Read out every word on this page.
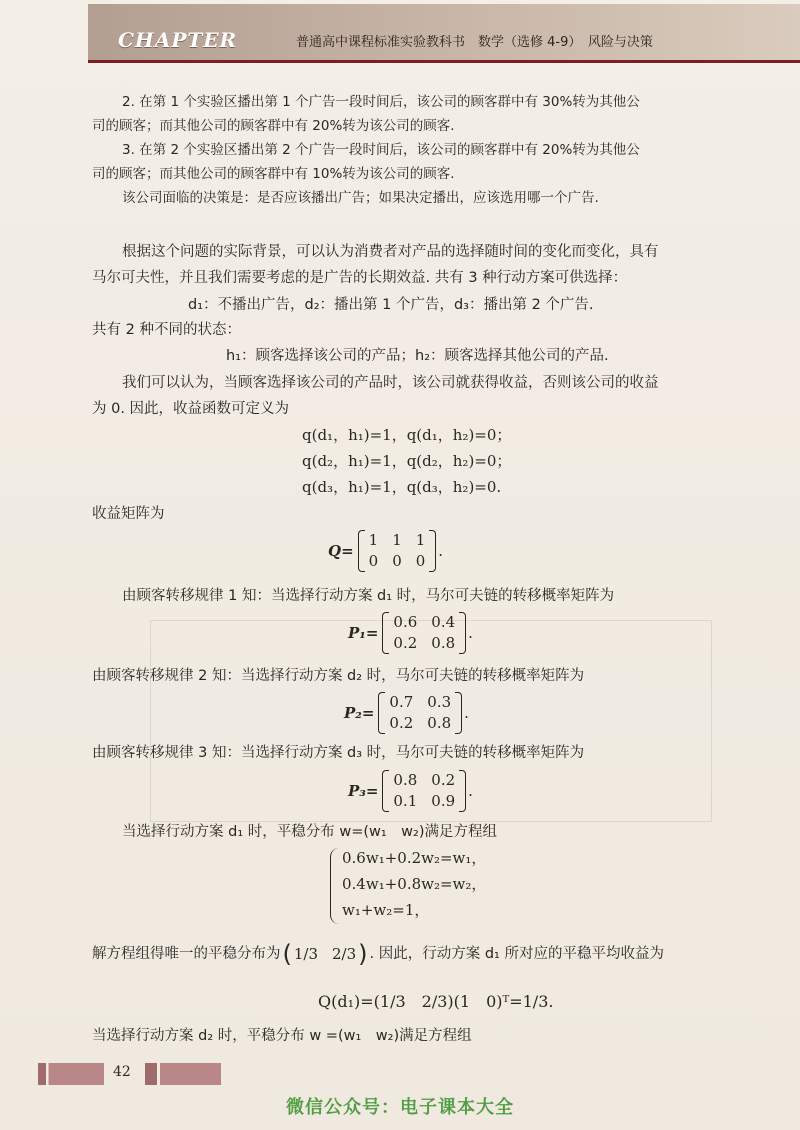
CHAPTER	普通高中课程标准实验教科书　数学（选修 4-9）　风险与决策
2. 在第 1 个实验区播出第 1 个广告一段时间后，该公司的顾客群中有 30%转为其他公
司的顾客；而其他公司的顾客群中有 20%转为该公司的顾客.
3. 在第 2 个实验区播出第 2 个广告一段时间后，该公司的顾客群中有 20%转为其他公
司的顾客；而其他公司的顾客群中有 10%转为该公司的顾客.
该公司面临的决策是：是否应该播出广告；如果决定播出，应该选用哪一个广告.
根据这个问题的实际背景，可以认为消费者对产品的选择随时间的变化而变化，具有
马尔可夫性，并且我们需要考虑的是广告的长期效益. 共有 3 种行动方案可供选择：
d₁：不播出广告，d₂：播出第 1 个广告，d₃：播出第 2 个广告.
共有 2 种不同的状态：
h₁：顾客选择该公司的产品；h₂：顾客选择其他公司的产品.
我们可以认为，当顾客选择该公司的产品时，该公司就获得收益，否则该公司的收益
为 0. 因此，收益函数可定义为
q(d₁，h₁)=1，q(d₁，h₂)=0；
q(d₂，h₁)=1，q(d₂，h₂)=0；
q(d₃，h₁)=1，q(d₃，h₂)=0.
收益矩阵为
Q=
1 1 1
0 0 0
.
由顾客转移规律 1 知：当选择行动方案 d₁ 时，马尔可夫链的转移概率矩阵为
P₁=
0.6 0.4
0.2 0.8
.
由顾客转移规律 2 知：当选择行动方案 d₂ 时，马尔可夫链的转移概率矩阵为
P₂=
0.7 0.3
0.2 0.8
.
由顾客转移规律 3 知：当选择行动方案 d₃ 时，马尔可夫链的转移概率矩阵为
P₃=
0.8 0.2
0.1 0.9
.
当选择行动方案 d₁ 时，平稳分布 w=(w₁　w₂)满足方程组
0.6w₁+0.2w₂=w₁，
0.4w₁+0.8w₂=w₂，
w₁+w₂=1，
解方程组得唯一的平稳分布为 ( 1/3 2/3 ) . 因此，行动方案 d₁ 所对应的平稳平均收益为
Q(d₁)=(1/3　2/3)(1　0)ᵀ=1/3.
当选择行动方案 d₂ 时，平稳分布 w =(w₁　w₂)满足方程组
42
微信公众号：电子课本大全
